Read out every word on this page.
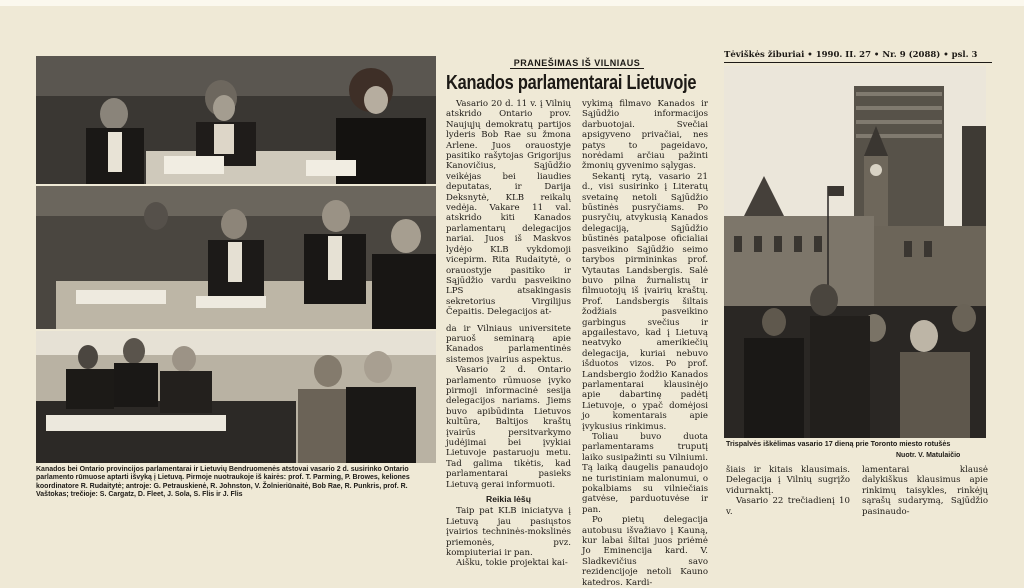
Kanados bei Ontario provincijos parlamentarai ir Lietuvių Bendruomenės atstovai vasario 2 d. susirinko Ontario parlamento rūmuose aptarti išvyką į Lietuvą. Pirmoje nuotraukoje iš kairės: prof. T. Parming, P. Browes, keliones koordinatore R. Rudaitytė; antroje: G. Petrauskienė, R. Johnston, V. Žolnieriūnaitė, Bob Rae, R. Punkris, prof. R. Vaštokas; trečioje: S. Cargatz, D. Fleet, J. Sola, S. Flis ir J. Flis
PRANEŠIMAS IŠ VILNIAUS
Kanados parlamentarai Lietuvoje

Vasario 20 d. 11 v. į Vilnių atskrido Ontario prov. Naujųjų demokratų partijos lyderis Bob Rae su žmona Arlene. Juos orauostyje pasitiko rašytojas Grigorijus Kanovičius, Sąjūdžio veikėjas bei liaudies deputatas, ir Darija Deksnytė, KLB reikalų vedėja. Vakare 11 val. atskrido kiti Kanados parlamentarų delegacijos nariai. Juos iš Maskvos lydėjo KLB vykdomoji vicepirm. Rita Rudaitytė, o orauostyje pasitiko ir Sąjūdžio vardu pasveikino LPS atsakingasis sekretorius Virgilijus Čepaitis. Delegacijos at-

da ir Vilniaus universitete paruoš seminarą apie Kanados parlamentinės sistemos įvairius aspektus.

Vasario 2 d. Ontario parlamento rūmuose įvyko pirmoji informacinė sesija delegacijos nariams. Jiems buvo apibūdinta Lietuvos kultūra, Baltijos kraštų įvairūs persitvarkymo judėjimai bei įvykiai Lietuvoje pastaruoju metu. Tad galima tikėtis, kad parlamentarai pasieks Lietuvą gerai informuoti.

Reikia lėšų

Taip pat KLB iniciatyva į Lietuvą jau pasiųstos įvairios techninės-mokslinės priemonės, pvz. kompiuteriai ir pan.

Aišku, tokie projektai kai-

vykimą filmavo Kanados ir Sąjūdžio informacijos darbuotojai. Svečiai apsigyveno privačiai, nes patys to pageidavo, norėdami arčiau pažinti žmonių gyvenimo sąlygas.

Sekantį rytą, vasario 21 d., visi susirinko į Literatų svetainę netoli Sąjūdžio būstinės pusryčiams. Po pusryčių, atvykusią Kanados delegaciją, Sąjūdžio būstinės patalpose oficialiai pasveikino Sąjūdžio seimo tarybos pirmininkas prof. Vytautas Landsbergis. Salė buvo pilna žurnalistų ir filmuotojų iš įvairių kraštų. Prof. Landsbergis šiltais žodžiais pasveikino garbingus svečius ir apgailestavo, kad į Lietuvą neatvyko amerikiečių delegacija, kuriai nebuvo išduotos vizos. Po prof. Landsbergio žodžio Kanados parlamentarai klausinėjo apie dabartinę padėtį Lietuvoje, o ypač domėjosi jo komentarais apie įvykusius rinkimus.

Toliau buvo duota parlamentarams truputį laiko susipažinti su Vilniumi. Tą laiką daugelis panaudojo ne turistiniam malonumui, o pokalbiams su vilniečiais gatvėse, parduotuvėse ir pan.

Po pietų delegacija autobusu išvažiavo į Kauną, kur labai šiltai juos priėmė Jo Eminencija kard. V. Sladkevičius savo rezidencijoje netoli Kauno katedros. Kardi-

Tėviškės žiburiai • 1990. II. 27 • Nr. 9 (2088) • psl. 3
Trispalvės iškėlimas vasario 17 dieną prie Toronto miesto rotušės
Nuotr. V. Matulaičio

šiais ir kitais klausimais. Delegacija į Vilnių sugrįžo vidurnaktį.

Vasario 22 trečiadienį 10 v.

lamentarai klausė dalykiškus klausimus apie rinkimų taisykles, rinkėjų sąrašų sudarymą, Sąjūdžio pasinaudo-
